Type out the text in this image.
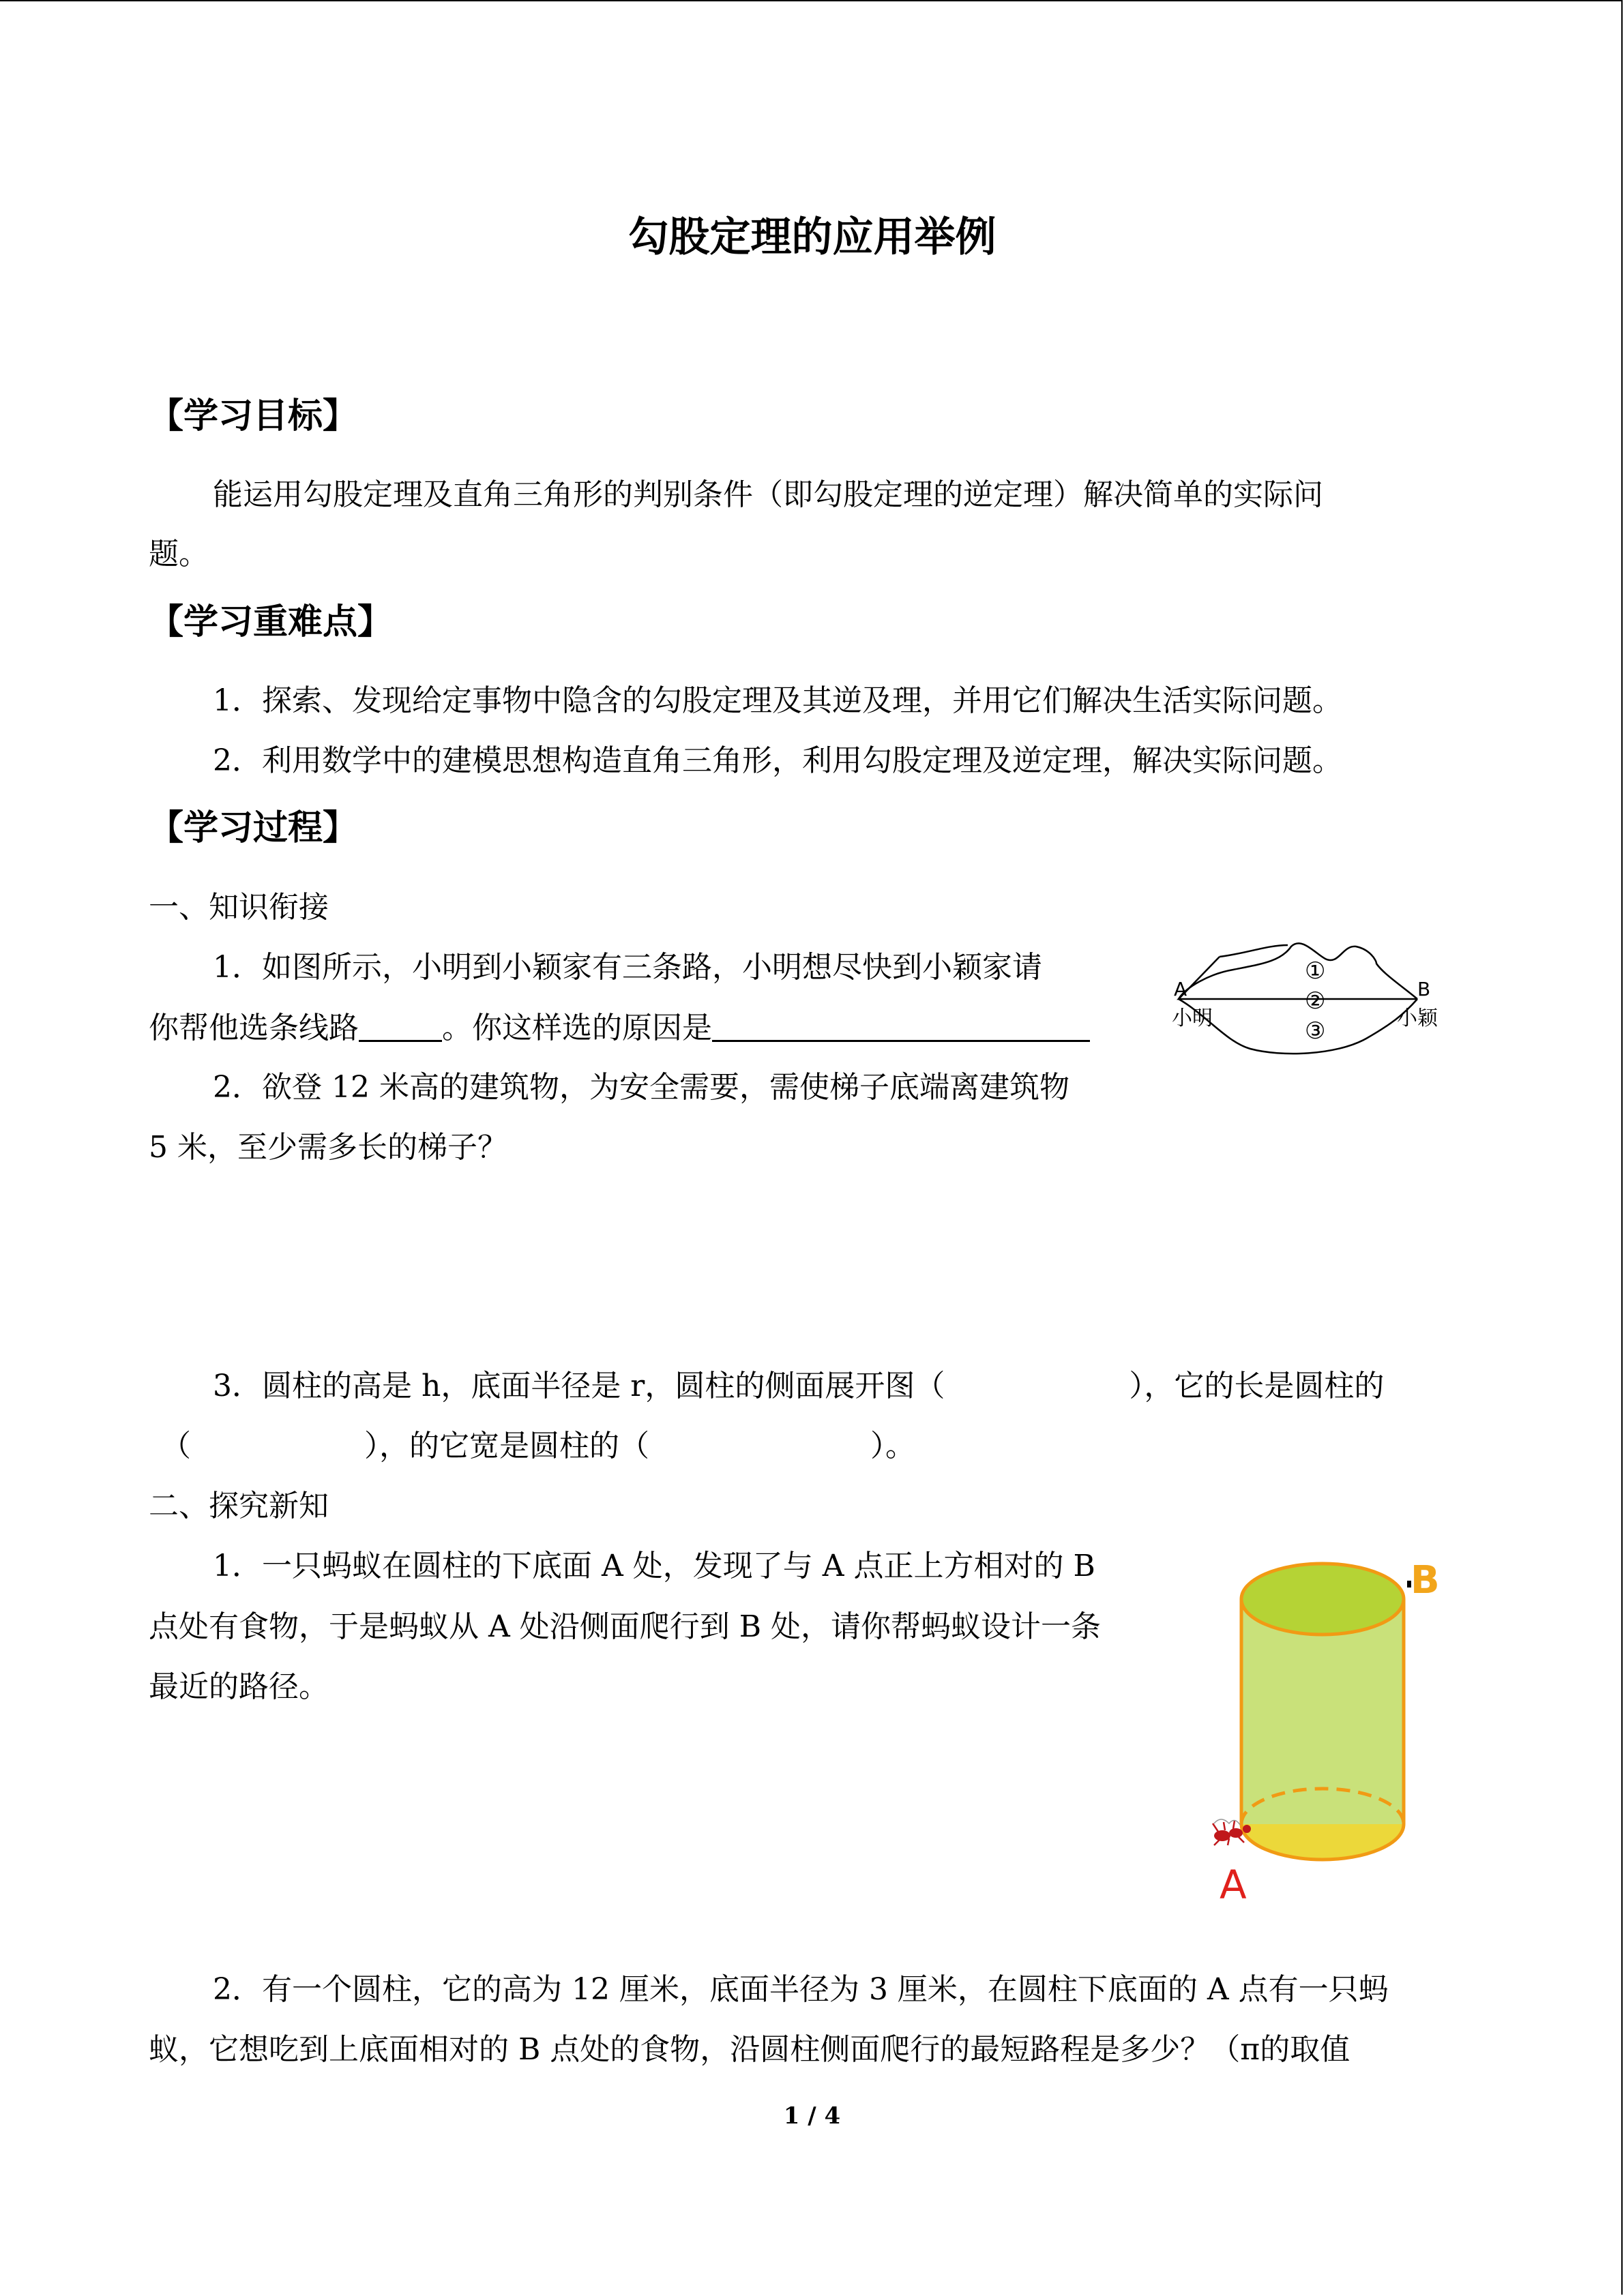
勾股定理的应用举例
【学习目标】
能运用勾股定理及直角三角形的判别条件（即勾股定理的逆定理）解决简单的实际问
题。
【学习重难点】
1．探索、发现给定事物中隐含的勾股定理及其逆及理，并用它们解决生活实际问题。
2．利用数学中的建模思想构造直角三角形，利用勾股定理及逆定理，解决实际问题。
【学习过程】
一、知识衔接
1．如图所示，小明到小颖家有三条路，小明想尽快到小颖家请
你帮他选条线路	。你这样选的原因是
A	B
小明	小颖
①
②
③
2．欲登 12 米高的建筑物，为安全需要，需使梯子底端离建筑物
5 米，至少需多长的梯子？
3．圆柱的高是 h，底面半径是 r，圆柱的侧面展开图（	），它的长是圆柱的
（	），的它宽是圆柱的（	）。
二、探究新知
1．一只蚂蚁在圆柱的下底面 A 处，发现了与 A 点正上方相对的 B
点处有食物，于是蚂蚁从 A 处沿侧面爬行到 B 处，请你帮蚂蚁设计一条
最近的路径。
A
B
2．有一个圆柱，它的高为 12 厘米，底面半径为 3 厘米，在圆柱下底面的 A 点有一只蚂
蚁，它想吃到上底面相对的 B 点处的食物，沿圆柱侧面爬行的最短路程是多少？（π的取值
1 / 4
